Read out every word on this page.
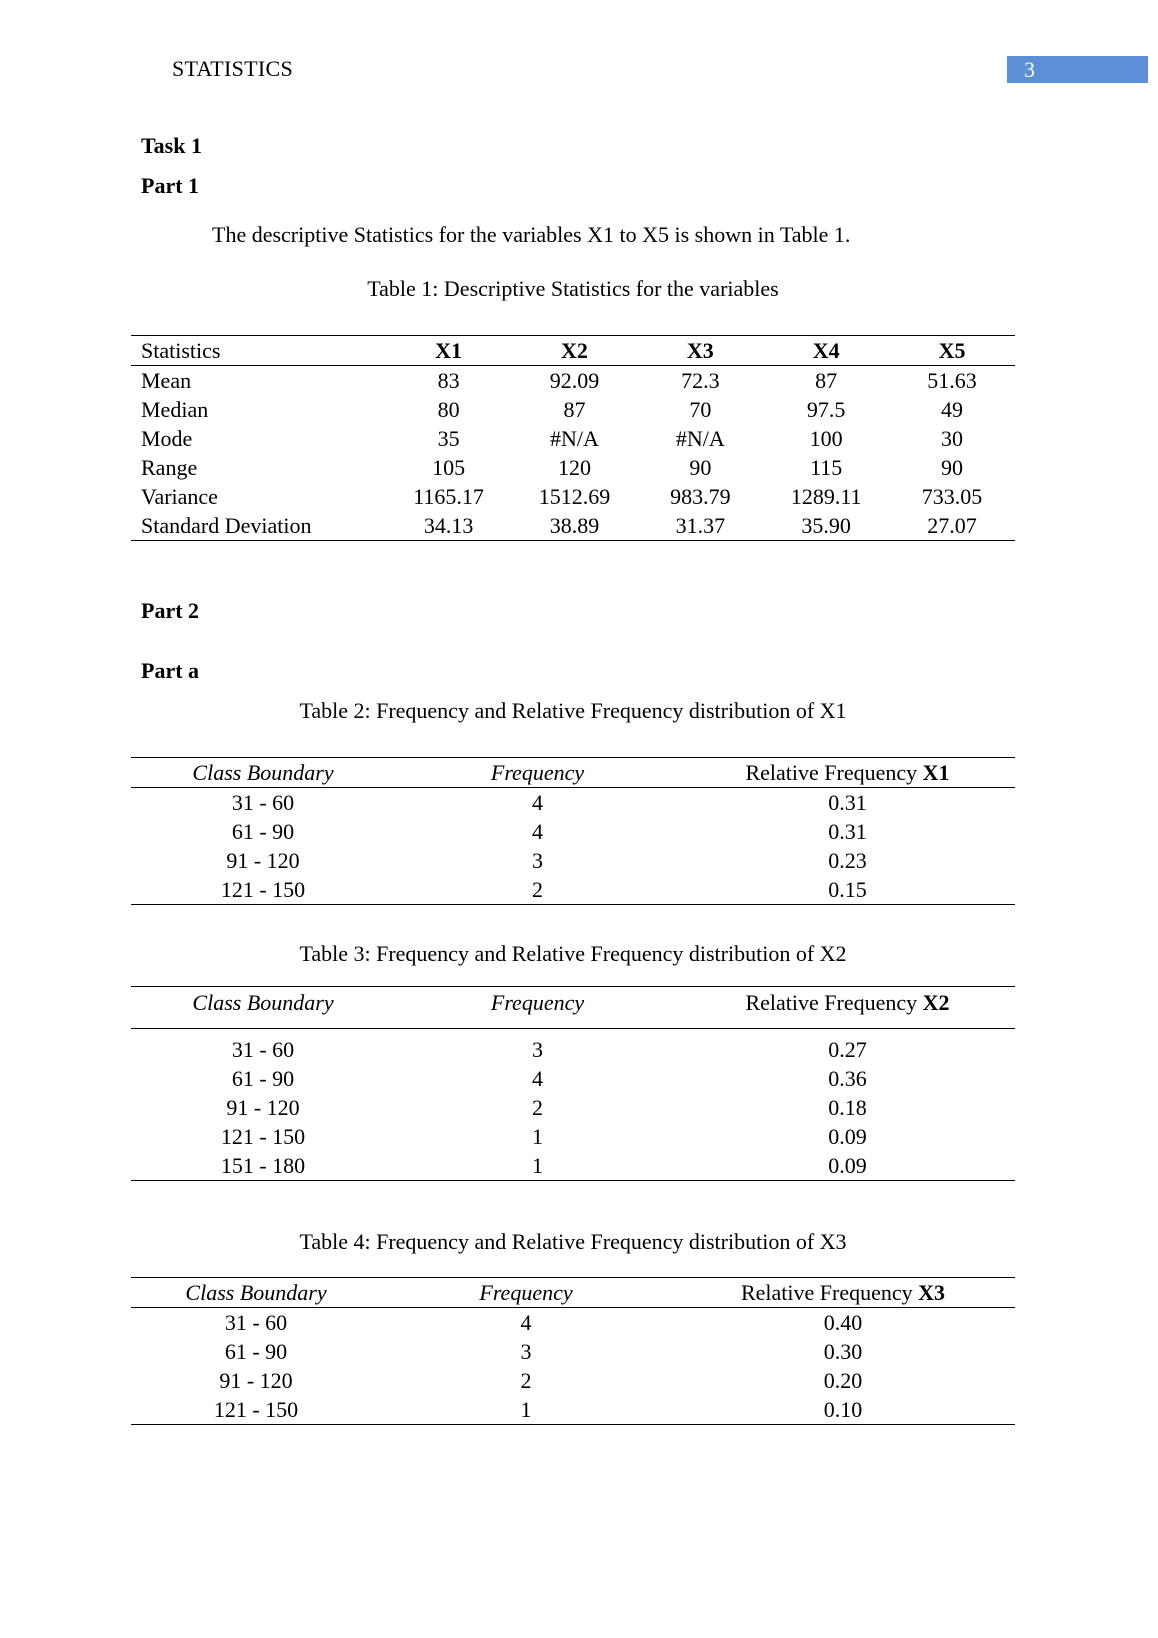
STATISTICS	3
Task 1
Part 1
The descriptive Statistics for the variables X1 to X5 is shown in Table 1.
Table 1: Descriptive Statistics for the variables
Statistics	X1	X2	X3	X4	X5
Mean	83	92.09	72.3	87	51.63
Median	80	87	70	97.5	49
Mode	35	#N/A	#N/A	100	30
Range	105	120	90	115	90
Variance	1165.17	1512.69	983.79	1289.11	733.05
Standard Deviation	34.13	38.89	31.37	35.90	27.07
Part 2
Part a
Table 2: Frequency and Relative Frequency distribution of X1
Class Boundary	Frequency	Relative Frequency X1
31 - 60	4	0.31
61 - 90	4	0.31
91 - 120	3	0.23
121 - 150	2	0.15
Table 3: Frequency and Relative Frequency distribution of X2
Class Boundary	Frequency	Relative Frequency X2
31 - 60	3	0.27
61 - 90	4	0.36
91 - 120	2	0.18
121 - 150	1	0.09
151 - 180	1	0.09
Table 4: Frequency and Relative Frequency distribution of X3
Class Boundary	Frequency	Relative Frequency X3
31 - 60	4	0.40
61 - 90	3	0.30
91 - 120	2	0.20
121 - 150	1	0.10
